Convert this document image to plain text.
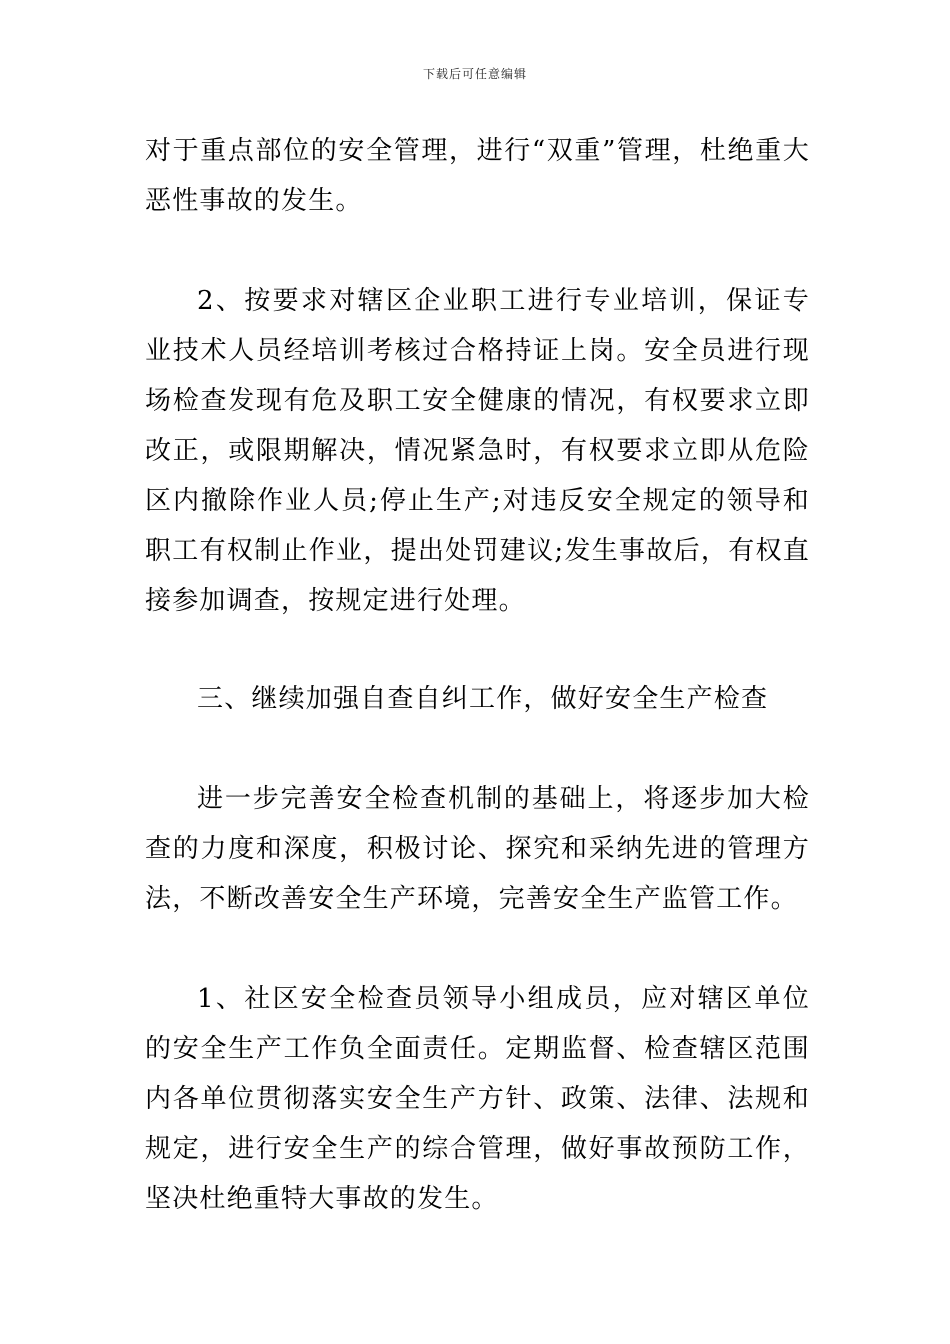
下载后可任意编辑

对于重点部位的安全管理，进行“双重”管理，杜绝重大恶性事故的发生。

2、按要求对辖区企业职工进行专业培训，保证专业技术人员经培训考核过合格持证上岗。安全员进行现场检查发现有危及职工安全健康的情况，有权要求立即改正，或限期解决，情况紧急时，有权要求立即从危险区内撤除作业人员;停止生产;对违反安全规定的领导和职工有权制止作业，提出处罚建议;发生事故后，有权直接参加调查，按规定进行处理。

三、继续加强自查自纠工作，做好安全生产检查

进一步完善安全检查机制的基础上，将逐步加大检查的力度和深度，积极讨论、探究和采纳先进的管理方法，不断改善安全生产环境，完善安全生产监管工作。

1、社区安全检查员领导小组成员，应对辖区单位的安全生产工作负全面责任。定期监督、检查辖区范围内各单位贯彻落实安全生产方针、政策、法律、法规和规定，进行安全生产的综合管理，做好事故预防工作，坚决杜绝重特大事故的发生。
